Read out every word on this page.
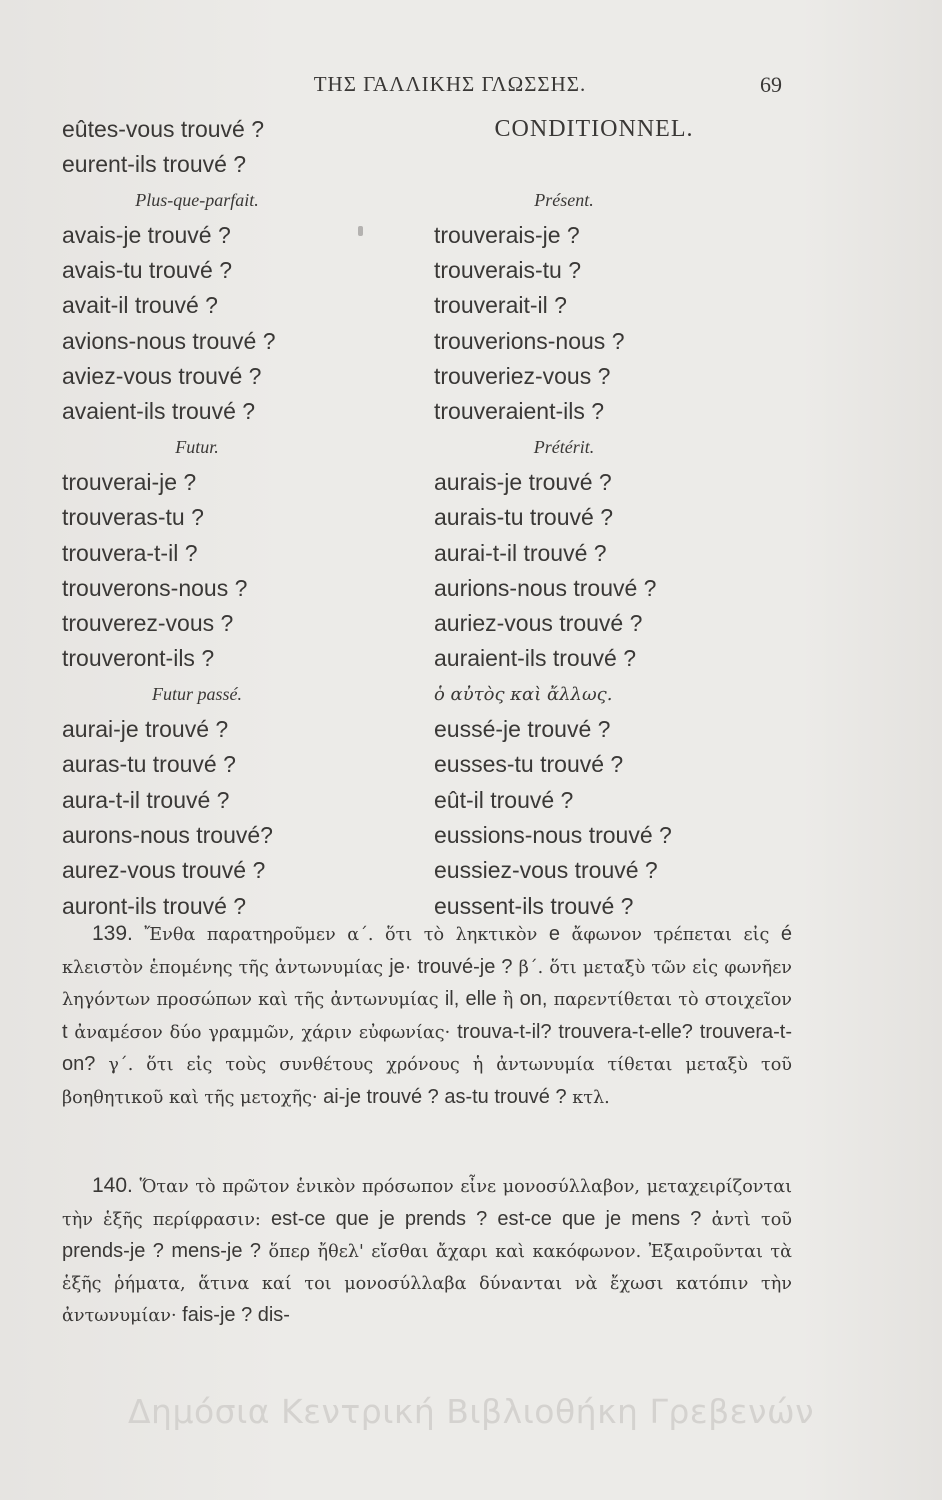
ΤΗΣ ΓΑΛΛΙΚΗΣ ΓΛΩΣΣΗΣ.	69
eûtes-vous trouvé ?
eurent-ils trouvé ?
Plus-que-parfait.
avais-je trouvé ?
avais-tu trouvé ?
avait-il trouvé ?
avions-nous trouvé ?
aviez-vous trouvé ?
avaient-ils trouvé ?
Futur.
trouverai-je ?
trouveras-tu ?
trouvera-t-il ?
trouverons-nous ?
trouverez-vous ?
trouveront-ils ?
Futur passé.
aurai-je trouvé ?
auras-tu trouvé ?
aura-t-il trouvé ?
aurons-nous trouvé?
aurez-vous trouvé ?
auront-ils trouvé ?
CONDITIONNEL.
Présent.
trouverais-je ?
trouverais-tu ?
trouverait-il ?
trouverions-nous ?
trouveriez-vous ?
trouveraient-ils ?
Prétérit.
aurais-je trouvé ?
aurais-tu trouvé ?
aurai-t-il trouvé ?
aurions-nous trouvé ?
auriez-vous trouvé ?
auraient-ils trouvé ?
ὁ αὐτὸς καὶ ἄλλως.
eussé-je trouvé ?
eusses-tu trouvé ?
eût-il trouvé ?
eussions-nous trouvé ?
eussiez-vous trouvé ?
eussent-ils trouvé ?
139. Ἔνθα παρατηροῦμεν α΄. ὅτι τὸ ληκτικὸν e ἄφωνον τρέπεται εἰς é κλειστὸν ἑπομένης τῆς ἀντωνυμίας je· trouvé-je ? β΄. ὅτι μεταξὺ τῶν εἰς φωνῆεν ληγόντων προσώπων καὶ τῆς ἀντωνυμίας il, elle ἢ on, παρεντίθεται τὸ στοιχεῖον t ἀναμέσον δύο γραμμῶν, χάριν εὐφωνίας· trouva-t-il? trouvera-t-elle? trouvera-t-on? γ΄. ὅτι εἰς τοὺς συνθέτους χρόνους ἡ ἀντωνυμία τίθεται μεταξὺ τοῦ βοηθητικοῦ καὶ τῆς μετοχῆς· ai-je trouvé ? as-tu trouvé ? κτλ.
140. Ὅταν τὸ πρῶτον ἑνικὸν πρόσωπον εἶνε μονοσύλλαβον, μεταχειρίζονται τὴν ἑξῆς περίφρασιν: est-ce que je prends ? est-ce que je mens ? ἀντὶ τοῦ prends-je ? mens-je ? ὅπερ ἤθελ' εἴσθαι ἄχαρι καὶ κακόφωνον. Ἐξαιροῦνται τὰ ἑξῆς ῥήματα, ἅτινα καί τοι μονοσύλλαβα δύνανται νὰ ἔχωσι κατόπιν τὴν ἀντωνυμίαν· fais-je ? dis-
Δημόσια Κεντρική Βιβλιοθήκη Γρεβενών
